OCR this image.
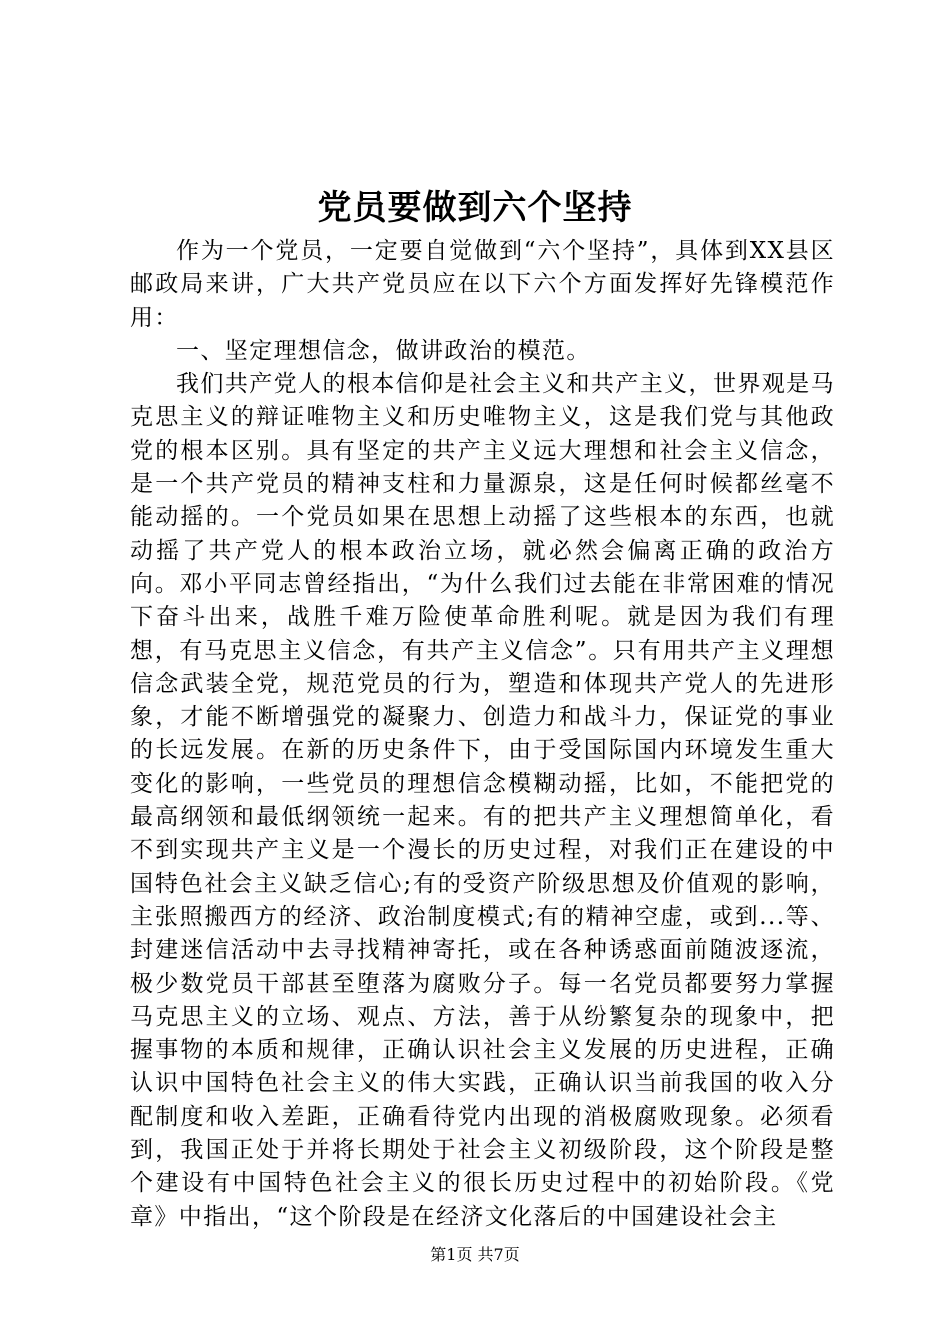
党员要做到六个坚持

作为一个党员，一定要自觉做到“六个坚持”，具体到XX县区邮政局来讲，广大共产党员应在以下六个方面发挥好先锋模范作用：

一、坚定理想信念，做讲政治的模范。

我们共产党人的根本信仰是社会主义和共产主义，世界观是马克思主义的辩证唯物主义和历史唯物主义，这是我们党与其他政党的根本区别。具有坚定的共产主义远大理想和社会主义信念，是一个共产党员的精神支柱和力量源泉，这是任何时候都丝毫不能动摇的。一个党员如果在思想上动摇了这些根本的东西，也就动摇了共产党人的根本政治立场，就必然会偏离正确的政治方向。邓小平同志曾经指出，“为什么我们过去能在非常困难的情况下奋斗出来，战胜千难万险使革命胜利呢。就是因为我们有理想，有马克思主义信念，有共产主义信念”。只有用共产主义理想信念武装全党，规范党员的行为，塑造和体现共产党人的先进形象，才能不断增强党的凝聚力、创造力和战斗力，保证党的事业的长远发展。在新的历史条件下，由于受国际国内环境发生重大变化的影响，一些党员的理想信念模糊动摇，比如，不能把党的最高纲领和最低纲领统一起来。有的把共产主义理想简单化，看不到实现共产主义是一个漫长的历史过程，对我们正在建设的中国特色社会主义缺乏信心;有的受资产阶级思想及价值观的影响，主张照搬西方的经济、政治制度模式;有的精神空虚，或到...等、封建迷信活动中去寻找精神寄托，或在各种诱惑面前随波逐流，极少数党员干部甚至堕落为腐败分子。每一名党员都要努力掌握马克思主义的立场、观点、方法，善于从纷繁复杂的现象中，把握事物的本质和规律，正确认识社会主义发展的历史进程，正确认识中国特色社会主义的伟大实践，正确认识当前我国的收入分配制度和收入差距，正确看待党内出现的消极腐败现象。必须看到，我国正处于并将长期处于社会主义初级阶段，这个阶段是整个建设有中国特色社会主义的很长历史过程中的初始阶段。《党章》中指出，“这个阶段是在经济文化落后的中国建设社会主

第1页 共7页
